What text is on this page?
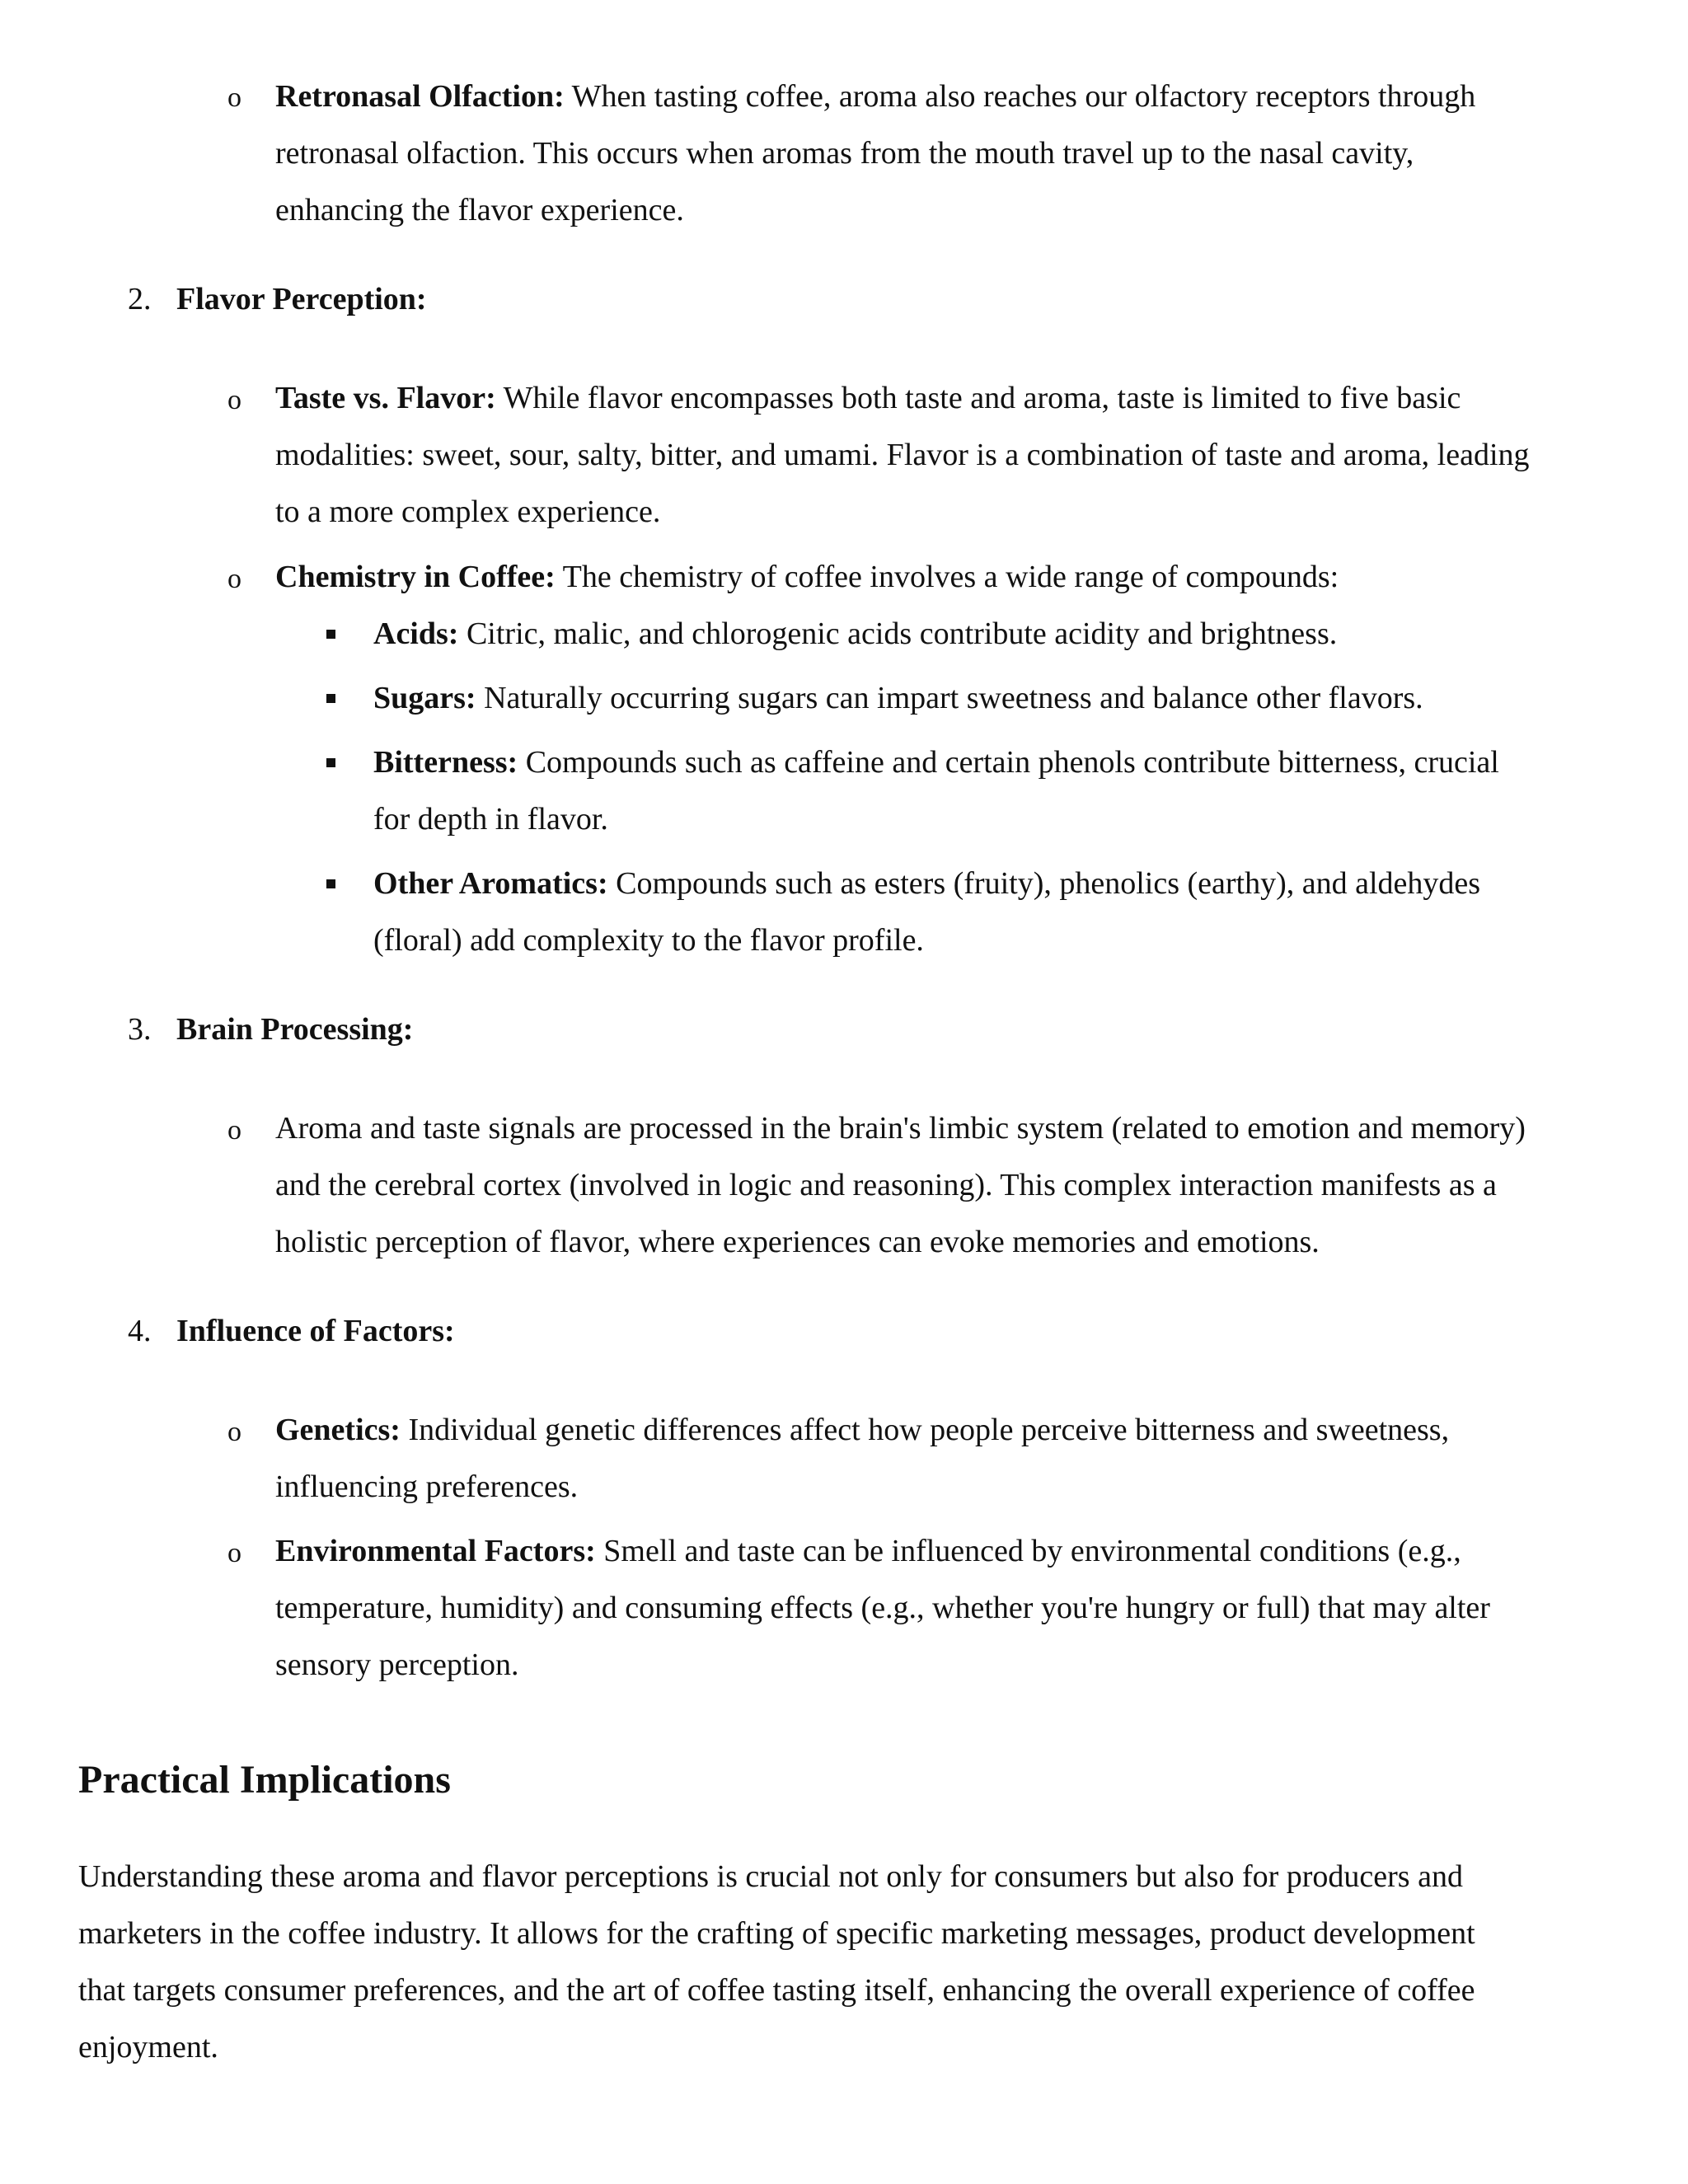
o Retronasal Olfaction: When tasting coffee, aroma also reaches our olfactory receptors through
retronasal olfaction. This occurs when aromas from the mouth travel up to the nasal cavity,
enhancing the flavor experience.
2. Flavor Perception:
o Taste vs. Flavor: While flavor encompasses both taste and aroma, taste is limited to five basic
modalities: sweet, sour, salty, bitter, and umami. Flavor is a combination of taste and aroma, leading
to a more complex experience.
o Chemistry in Coffee: The chemistry of coffee involves a wide range of compounds:
Acids: Citric, malic, and chlorogenic acids contribute acidity and brightness.
Sugars: Naturally occurring sugars can impart sweetness and balance other flavors.
Bitterness: Compounds such as caffeine and certain phenols contribute bitterness, crucial
for depth in flavor.
Other Aromatics: Compounds such as esters (fruity), phenolics (earthy), and aldehydes
(floral) add complexity to the flavor profile.
3. Brain Processing:
o Aroma and taste signals are processed in the brain's limbic system (related to emotion and memory)
and the cerebral cortex (involved in logic and reasoning). This complex interaction manifests as a
holistic perception of flavor, where experiences can evoke memories and emotions.
4. Influence of Factors:
o Genetics: Individual genetic differences affect how people perceive bitterness and sweetness,
influencing preferences.
o Environmental Factors: Smell and taste can be influenced by environmental conditions (e.g.,
temperature, humidity) and consuming effects (e.g., whether you're hungry or full) that may alter
sensory perception.
Practical Implications
Understanding these aroma and flavor perceptions is crucial not only for consumers but also for producers and
marketers in the coffee industry. It allows for the crafting of specific marketing messages, product development
that targets consumer preferences, and the art of coffee tasting itself, enhancing the overall experience of coffee
enjoyment.
